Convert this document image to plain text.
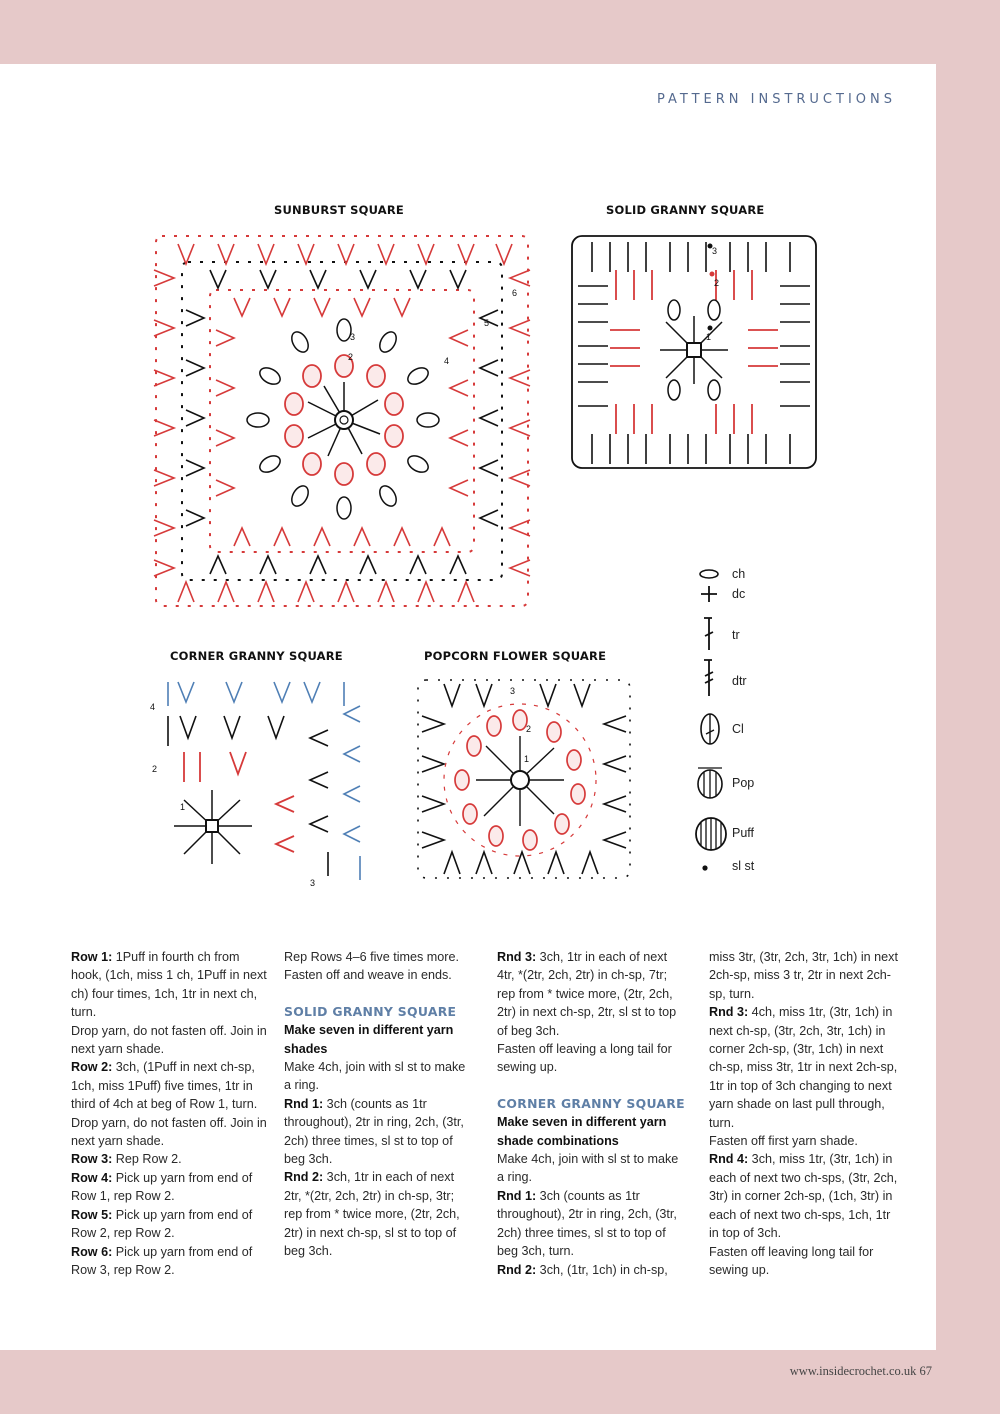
PATTERN INSTRUCTIONS
SUNBURST SQUARE	SOLID GRANNY SQUARE
CORNER GRANNY SQUARE	POPCORN FLOWER SQUARE
2
3
4
5
6
1
2
3
1
2
3
4
1
2
3
ch
dc
tr
dtr
Cl
Pop
Puff
sl st

Row 1: 1Puff in fourth ch from hook, (1ch, miss 1 ch, 1Puff in next ch) four times, 1ch, 1tr in next ch, turn.

Drop yarn, do not fasten off. Join in next yarn shade.

Row 2: 3ch, (1Puff in next ch-sp, 1ch, miss 1Puff) five times, 1tr in third of 4ch at beg of Row 1, turn.

Drop yarn, do not fasten off. Join in next yarn shade.

Row 3: Rep Row 2.

Row 4: Pick up yarn from end of Row 1, rep Row 2.

Row 5: Pick up yarn from end of Row 2, rep Row 2.

Row 6: Pick up yarn from end of Row 3, rep Row 2.

Rep Rows 4–6 five times more.

Fasten off and weave in ends.

SOLID GRANNY SQUARE

Make seven in different yarn shades

Make 4ch, join with sl st to make a ring.

Rnd 1: 3ch (counts as 1tr throughout), 2tr in ring, 2ch, (3tr, 2ch) three times, sl st to top of beg 3ch.

Rnd 2: 3ch, 1tr in each of next 2tr, *(2tr, 2ch, 2tr) in ch-sp, 3tr; rep from * twice more, (2tr, 2ch, 2tr) in next ch-sp, sl st to top of beg 3ch.

Rnd 3: 3ch, 1tr in each of next 4tr, *(2tr, 2ch, 2tr) in ch-sp, 7tr; rep from * twice more, (2tr, 2ch, 2tr) in next ch-sp, 2tr, sl st to top of beg 3ch.

Fasten off leaving a long tail for sewing up.

CORNER GRANNY SQUARE

Make seven in different yarn shade combinations

Make 4ch, join with sl st to make a ring.

Rnd 1: 3ch (counts as 1tr throughout), 2tr in ring, 2ch, (3tr, 2ch) three times, sl st to top of beg 3ch, turn.

Rnd 2: 3ch, (1tr, 1ch) in ch-sp,

miss 3tr, (3tr, 2ch, 3tr, 1ch) in next 2ch-sp, miss 3 tr, 2tr in next 2ch-sp, turn.

Rnd 3: 4ch, miss 1tr, (3tr, 1ch) in next ch-sp, (3tr, 2ch, 3tr, 1ch) in corner 2ch-sp, (3tr, 1ch) in next ch-sp, miss 3tr, 1tr in next 2ch-sp, 1tr in top of 3ch changing to next yarn shade on last pull through, turn.

Fasten off first yarn shade.

Rnd 4: 3ch, miss 1tr, (3tr, 1ch) in each of next two ch-sps, (3tr, 2ch, 3tr) in corner 2ch-sp, (1ch, 3tr) in each of next two ch-sps, 1ch, 1tr in top of 3ch.

Fasten off leaving long tail for sewing up.

www.insidecrochet.co.uk 67
